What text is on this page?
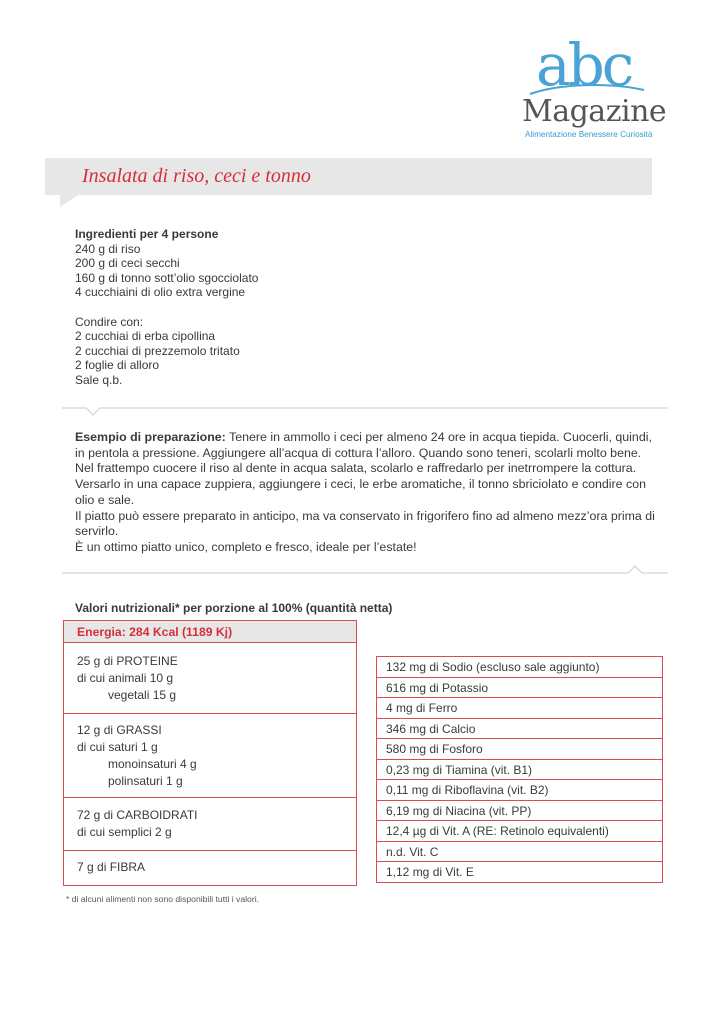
abc
Magazine
Alimentazione Benessere Curiosità
Insalata di riso, ceci e tonno
Ingredienti per 4 persone
240 g di riso
200 g di ceci secchi
160 g di tonno sott’olio sgocciolato
4 cucchiaini di olio extra vergine
Condire con:
2 cucchiai di erba cipollina
2 cucchiai di prezzemolo tritato
2 foglie di alloro
Sale q.b.
Esempio di preparazione: Tenere in ammollo i ceci per almeno 24 ore in acqua tiepida. Cuocerli, quindi,
in pentola a pressione. Aggiungere all’acqua di cottura l’alloro. Quando sono teneri, scolarli molto bene.
Nel frattempo cuocere il riso al dente in acqua salata, scolarlo e raffredarlo per inetrrompere la cottura.
Versarlo in una capace zuppiera, aggiungere i ceci, le erbe aromatiche, il tonno sbriciolato e condire con
olio e sale.
Il piatto può essere preparato in anticipo, ma va conservato in frigorifero fino ad almeno mezz’ora prima di
servirlo.
È un ottimo piatto unico, completo e fresco, ideale per l’estate!
Valori nutrizionali* per porzione al 100% (quantità netta)
Energia: 284 Kcal (1189 Kj)
25 g di PROTEINE
di cui animali 10 g
vegetali 15 g
12 g di GRASSI
di cui saturi 1 g
monoinsaturi 4 g
polinsaturi 1 g
72 g di CARBOIDRATI
di cui semplici 2 g
7 g di FIBRA
132 mg di Sodio (escluso sale aggiunto)
616 mg di Potassio
4 mg di Ferro
346 mg di Calcio
580 mg di Fosforo
0,23 mg di Tiamina (vit. B1)
0,11 mg di Riboflavina (vit. B2)
6,19 mg di Niacina (vit. PP)
12,4 µg di Vit. A (RE: Retinolo equivalenti)
n.d. Vit. C
1,12 mg di Vit. E
* di alcuni alimenti non sono disponibili tutti i valori.
